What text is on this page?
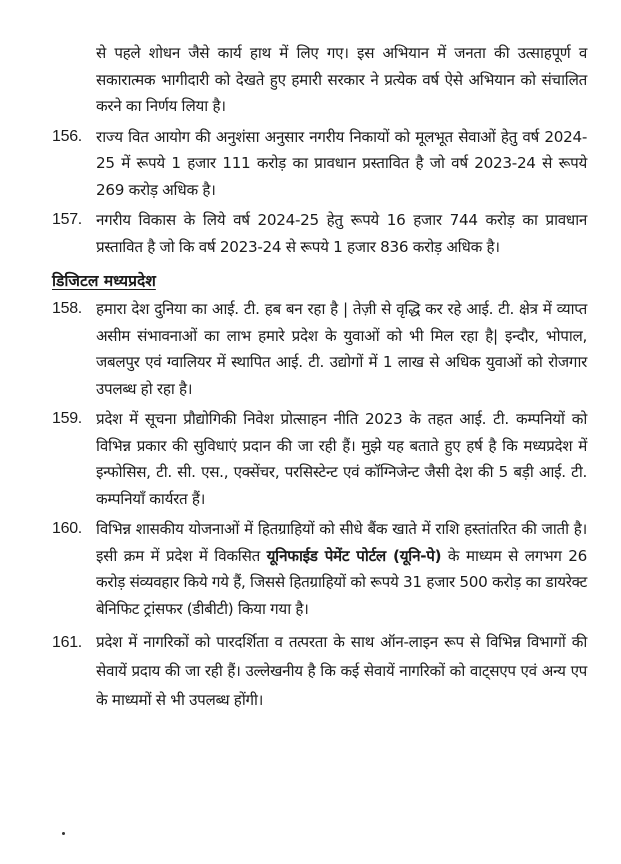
से पहले शोधन जैसे कार्य हाथ में लिए गए। इस अभियान में जनता की उत्साहपूर्ण व सकारात्मक भागीदारी को देखते हुए हमारी सरकार ने प्रत्येक वर्ष ऐसे अभियान को संचालित करने का निर्णय लिया है।
156. राज्य वित आयोग की अनुशंसा अनुसार नगरीय निकायों को मूलभूत सेवाओं हेतु वर्ष 2024-25 में रूपये 1 हजार 111 करोड़ का प्रावधान प्रस्तावित है जो वर्ष 2023-24 से रूपये 269 करोड़ अधिक है।
157. नगरीय विकास के लिये वर्ष 2024-25 हेतु रूपये 16 हजार 744 करोड़ का प्रावधान प्रस्तावित है जो कि वर्ष 2023-24 से रूपये 1 हजार 836 करोड़ अधिक है।
डिजिटल मध्यप्रदेश
158. हमारा देश दुनिया का आई. टी. हब बन रहा है | तेज़ी से वृद्धि कर रहे आई. टी. क्षेत्र में व्याप्त असीम संभावनाओं का लाभ हमारे प्रदेश के युवाओं को भी मिल रहा है| इन्दौर, भोपाल, जबलपुर एवं ग्वालियर में स्थापित आई. टी. उद्योगों में 1 लाख से अधिक युवाओं को रोजगार उपलब्ध हो रहा है।
159. प्रदेश में सूचना प्रौद्योगिकी निवेश प्रोत्साहन नीति 2023 के तहत आई. टी. कम्पनियों को विभिन्न प्रकार की सुविधाएं प्रदान की जा रही हैं। मुझे यह बताते हुए हर्ष है कि मध्यप्रदेश में इन्फोसिस, टी. सी. एस., एक्सेंचर, परसिस्टेन्ट एवं कॉग्निजेन्ट जैसी देश की 5 बड़ी आई. टी. कम्पनियाँ कार्यरत हैं।
160. विभिन्न शासकीय योजनाओं में हितग्राहियों को सीधे बैंक खाते में राशि हस्तांतरित की जाती है। इसी क्रम में प्रदेश में विकसित यूनिफाईड पेमेंट पोर्टल (यूनि-पे) के माध्यम से लगभग 26 करोड़ संव्यवहार किये गये हैं, जिससे हितग्राहियों को रूपये 31 हजार 500 करोड़ का डायरेक्ट बेनिफिट ट्रांसफर (डीबीटी) किया गया है।
161. प्रदेश में नागरिकों को पारदर्शिता व तत्परता के साथ ऑन-लाइन रूप से विभिन्न विभागों की सेवायें प्रदाय की जा रही हैं। उल्लेखनीय है कि कई सेवायें नागरिकों को वाट्सएप एवं अन्य एप के माध्यमों से भी उपलब्ध होंगी।
